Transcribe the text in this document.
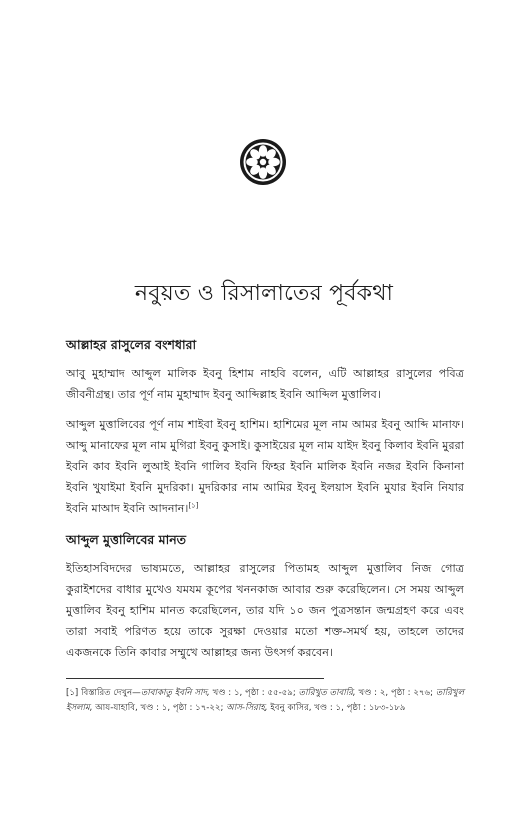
নবুয়ত ও রিসালাতের পূর্বকথা
আল্লাহর রাসুলের বংশধারা

আবু মুহাম্মাদ আব্দুল মালিক ইবনু হিশাম নাহবি বলেন, এটি আল্লাহর রাসুলের পবিত্র জীবনীগ্রন্থ। তার পূর্ণ নাম মুহাম্মাদ ইবনু আব্দিল্লাহ ইবনি আব্দিল মুত্তালিব।

আব্দুল মুত্তালিবের পূর্ণ নাম শাইবা ইবনু হাশিম। হাশিমের মূল নাম আমর ইবনু আব্দি মানাফ। আব্দু মানাফের মূল নাম মুগিরা ইবনু কুসাই। কুসাইয়ের মূল নাম যাইদ ইবনু কিলাব ইবনি মুররা ইবনি কাব ইবনি লুআই ইবনি গালিব ইবনি ফিহর ইবনি মালিক ইবনি নজর ইবনি কিনানা ইবনি খুযাইমা ইবনি মুদরিকা। মুদরিকার নাম আমির ইবনু ইলয়াস ইবনি মুযার ইবনি নিযার ইবনি মাআদ ইবনি আদনান।[১]

আব্দুল মুত্তালিবের মানত

ইতিহাসবিদদের ভাষ্যমতে, আল্লাহর রাসুলের পিতামহ আব্দুল মুত্তালিব নিজ গোত্র কুরাইশদের বাধার মুখেও যমযম কূপের খননকাজ আবার শুরু করেছিলেন। সে সময় আব্দুল মুত্তালিব ইবনু হাশিম মানত করেছিলেন, তার যদি ১০ জন পুত্রসন্তান জন্মগ্রহণ করে এবং তারা সবাই পরিণত হয়ে তাকে সুরক্ষা দেওয়ার মতো শক্ত-সমর্থ হয়, তাহলে তাদের একজনকে তিনি কাবার সম্মুখে আল্লাহর জন্য উৎসর্গ করবেন।

[১] বিস্তারিত দেখুন—তাবাকাতু ইবনি সাদ, খণ্ড : ১, পৃষ্ঠা : ৫৫-৫৯; তারিখুত তাবারি, খণ্ড : ২, পৃষ্ঠা : ২৭৬; তারিখুল ইসলাম, আয-যাহাবি, খণ্ড : ১, পৃষ্ঠা : ১৭-২২; আস-সিরাহ, ইবনু কাসির, খণ্ড : ১, পৃষ্ঠা : ১৮৩-১৮৯
